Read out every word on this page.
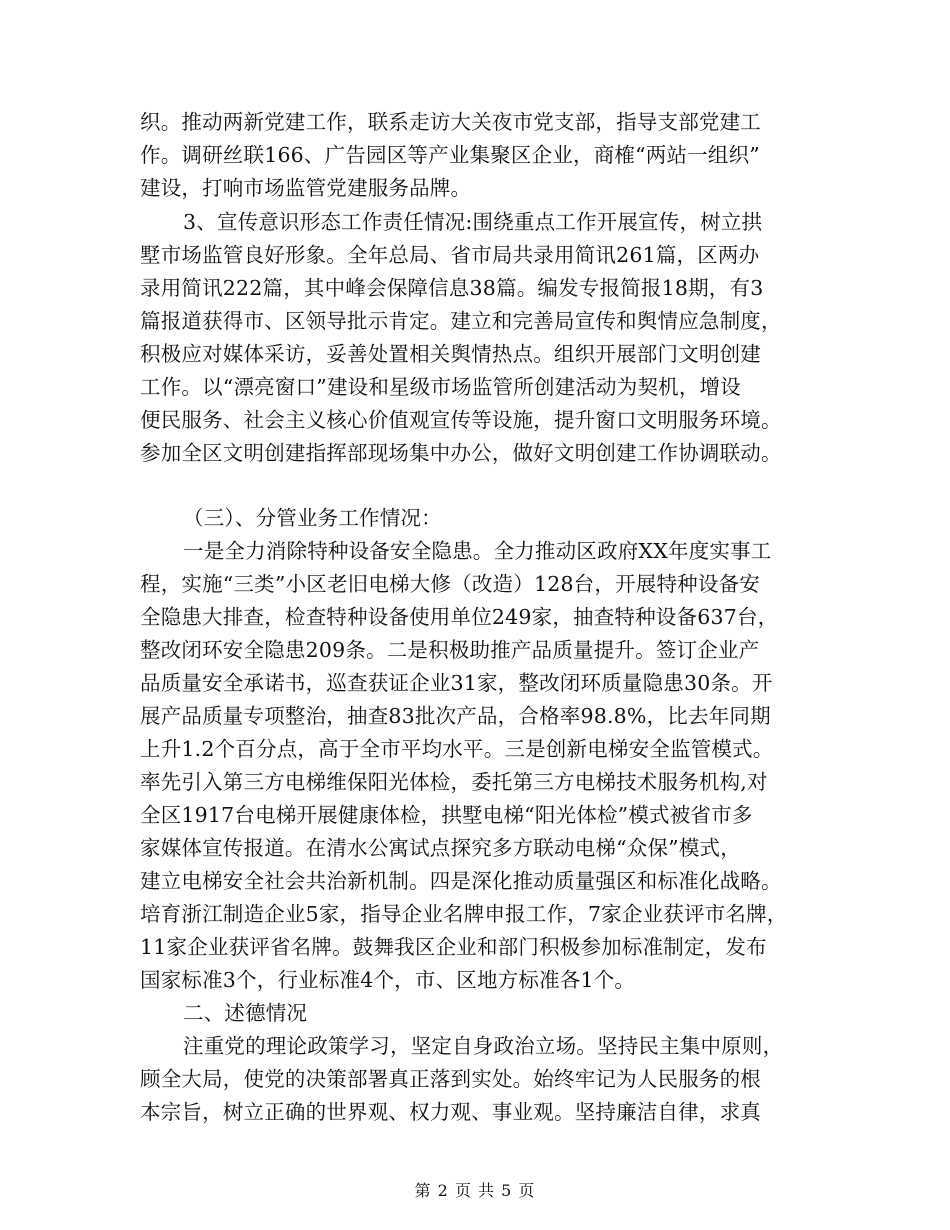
织。推动两新党建工作，联系走访大关夜市党支部，指导支部党建工
作。调研丝联166、广告园区等产业集聚区企业，商榷“两站一组织”
建设，打响市场监管党建服务品牌。
3、宣传意识形态工作责任情况:围绕重点工作开展宣传，树立拱
墅市场监管良好形象。全年总局、省市局共录用简讯261篇，区两办
录用简讯222篇，其中峰会保障信息38篇。编发专报简报18期，有3
篇报道获得市、区领导批示肯定。建立和完善局宣传和舆情应急制度，
积极应对媒体采访，妥善处置相关舆情热点。组织开展部门文明创建
工作。以“漂亮窗口”建设和星级市场监管所创建活动为契机，增设
便民服务、社会主义核心价值观宣传等设施，提升窗口文明服务环境。
参加全区文明创建指挥部现场集中办公，做好文明创建工作协调联动。
（三）、分管业务工作情况：
一是全力消除特种设备安全隐患。全力推动区政府XX年度实事工
程，实施“三类”小区老旧电梯大修（改造）128台，开展特种设备安
全隐患大排查，检查特种设备使用单位249家，抽查特种设备637台，
整改闭环安全隐患209条。二是积极助推产品质量提升。签订企业产
品质量安全承诺书，巡查获证企业31家，整改闭环质量隐患30条。开
展产品质量专项整治，抽查83批次产品，合格率98.8%，比去年同期
上升1.2个百分点，高于全市平均水平。三是创新电梯安全监管模式。
率先引入第三方电梯维保阳光体检，委托第三方电梯技术服务机构,对
全区1917台电梯开展健康体检，拱墅电梯“阳光体检”模式被省市多
家媒体宣传报道。在清水公寓试点探究多方联动电梯“众保”模式，
建立电梯安全社会共治新机制。四是深化推动质量强区和标准化战略。
培育浙江制造企业5家，指导企业名牌申报工作，7家企业获评市名牌，
11家企业获评省名牌。鼓舞我区企业和部门积极参加标准制定，发布
国家标准3个，行业标准4个，市、区地方标准各1个。
二、述德情况
注重党的理论政策学习，坚定自身政治立场。坚持民主集中原则，
顾全大局，使党的决策部署真正落到实处。始终牢记为人民服务的根
本宗旨，树立正确的世界观、权力观、事业观。坚持廉洁自律，求真
第 2 页 共 5 页
